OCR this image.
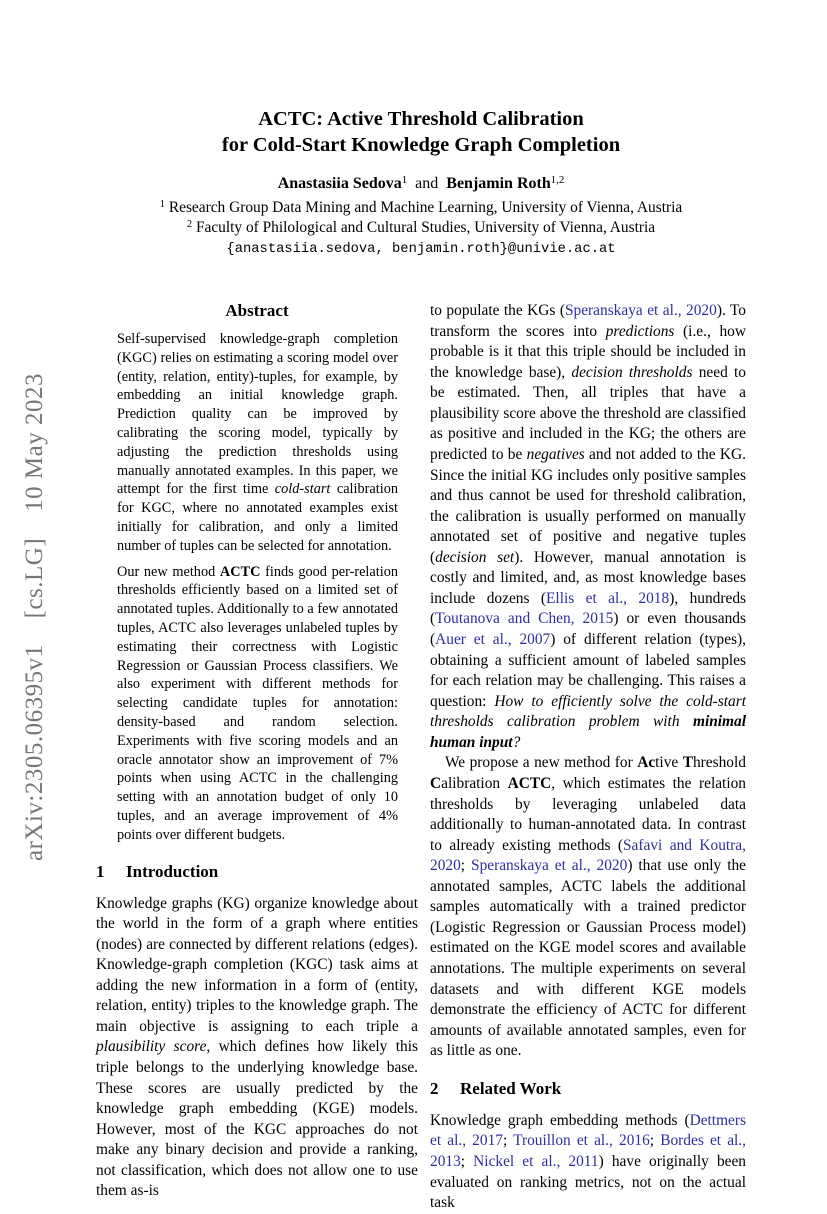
arXiv:2305.06395v1  [cs.LG]  10 May 2023
ACTC: Active Threshold Calibration
for Cold-Start Knowledge Graph Completion
Anastasiia Sedova$^1$ and Benjamin Roth$^{1,2}$
$^1$ Research Group Data Mining and Machine Learning, University of Vienna, Austria
$^2$ Faculty of Philological and Cultural Studies, University of Vienna, Austria
{anastasiia.sedova, benjamin.roth}@univie.ac.at
Abstract

Self-supervised knowledge-graph completion (KGC) relies on estimating a scoring model over (entity, relation, entity)-tuples, for example, by embedding an initial knowledge graph. Prediction quality can be improved by calibrating the scoring model, typically by adjusting the prediction thresholds using manually annotated examples. In this paper, we attempt for the first time cold-start calibration for KGC, where no annotated examples exist initially for calibration, and only a limited number of tuples can be selected for annotation.

Our new method ACTC finds good per-relation thresholds efficiently based on a limited set of annotated tuples. Additionally to a few annotated tuples, ACTC also leverages unlabeled tuples by estimating their correctness with Logistic Regression or Gaussian Process classifiers. We also experiment with different methods for selecting candidate tuples for annotation: density-based and random selection. Experiments with five scoring models and an oracle annotator show an improvement of 7% points when using ACTC in the challenging setting with an annotation budget of only 10 tuples, and an average improvement of 4% points over different budgets.

1	Introduction

Knowledge graphs (KG) organize knowledge about the world in the form of a graph where entities (nodes) are connected by different relations (edges). Knowledge-graph completion (KGC) task aims at adding the new information in a form of (entity, relation, entity) triples to the knowledge graph. The main objective is assigning to each triple a plausibility score, which defines how likely this triple belongs to the underlying knowledge base. These scores are usually predicted by the knowledge graph embedding (KGE) models. However, most of the KGC approaches do not make any binary decision and provide a ranking, not classification, which does not allow one to use them as-is

to populate the KGs (Speranskaya et al., 2020). To transform the scores into predictions (i.e., how probable is it that this triple should be included in the knowledge base), decision thresholds need to be estimated. Then, all triples that have a plausibility score above the threshold are classified as positive and included in the KG; the others are predicted to be negatives and not added to the KG. Since the initial KG includes only positive samples and thus cannot be used for threshold calibration, the calibration is usually performed on manually annotated set of positive and negative tuples (decision set). However, manual annotation is costly and limited, and, as most knowledge bases include dozens (Ellis et al., 2018), hundreds (Toutanova and Chen, 2015) or even thousands (Auer et al., 2007) of different relation (types), obtaining a sufficient amount of labeled samples for each relation may be challenging. This raises a question: How to efficiently solve the cold-start thresholds calibration problem with minimal human input?

We propose a new method for Active Threshold Calibration ACTC, which estimates the relation thresholds by leveraging unlabeled data additionally to human-annotated data. In contrast to already existing methods (Safavi and Koutra, 2020; Speranskaya et al., 2020) that use only the annotated samples, ACTC labels the additional samples automatically with a trained predictor (Logistic Regression or Gaussian Process model) estimated on the KGE model scores and available annotations. The multiple experiments on several datasets and with different KGE models demonstrate the efficiency of ACTC for different amounts of available annotated samples, even for as little as one.

2	Related Work

Knowledge graph embedding methods (Dettmers et al., 2017; Trouillon et al., 2016; Bordes et al., 2013; Nickel et al., 2011) have originally been evaluated on ranking metrics, not on the actual task
